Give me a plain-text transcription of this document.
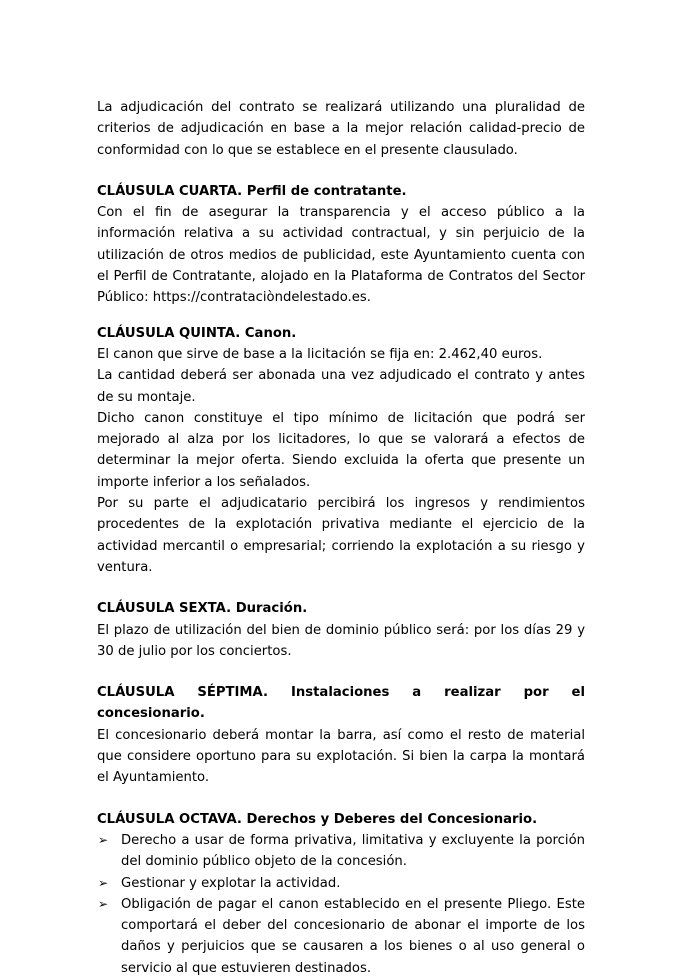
La adjudicación del contrato se realizará utilizando una pluralidad de criterios de adjudicación en base a la mejor relación calidad-precio de conformidad con lo que se establece en el presente clausulado.

CLÁUSULA CUARTA. Perfil de contratante.

Con el fin de asegurar la transparencia y el acceso público a la información relativa a su actividad contractual, y sin perjuicio de la utilización de otros medios de publicidad, este Ayuntamiento cuenta con el Perfil de Contratante, alojado en la Plataforma de Contratos del Sector Público: https://contrataciòndelestado.es.

CLÁUSULA QUINTA. Canon.

El canon que sirve de base a la licitación se fija en: 2.462,40 euros.

La cantidad deberá ser abonada una vez adjudicado el contrato y antes de su montaje.

Dicho canon constituye el tipo mínimo de licitación que podrá ser mejorado al alza por los licitadores, lo que se valorará a efectos de determinar la mejor oferta. Siendo excluida la oferta que presente un importe inferior a los señalados.

Por su parte el adjudicatario percibirá los ingresos y rendimientos procedentes de la explotación privativa mediante el ejercicio de la actividad mercantil o empresarial; corriendo la explotación a su riesgo y ventura.

CLÁUSULA SEXTA. Duración.

El plazo de utilización del bien de dominio público será: por los días 29 y 30 de julio por los conciertos.

CLÁUSULA SÉPTIMA. Instalaciones a realizar por el concesionario.

El concesionario deberá montar la barra, así como el resto de material que considere oportuno para su explotación. Si bien la carpa la montará el Ayuntamiento.

CLÁUSULA OCTAVA. Derechos y Deberes del Concesionario.

➢ Derecho a usar de forma privativa, limitativa y excluyente la porción del dominio público objeto de la concesión.
➢ Gestionar y explotar la actividad.
➢ Obligación de pagar el canon establecido en el presente Pliego. Este comportará el deber del concesionario de abonar el importe de los daños y perjuicios que se causaren a los bienes o al uso general o servicio al que estuvieren destinados.
